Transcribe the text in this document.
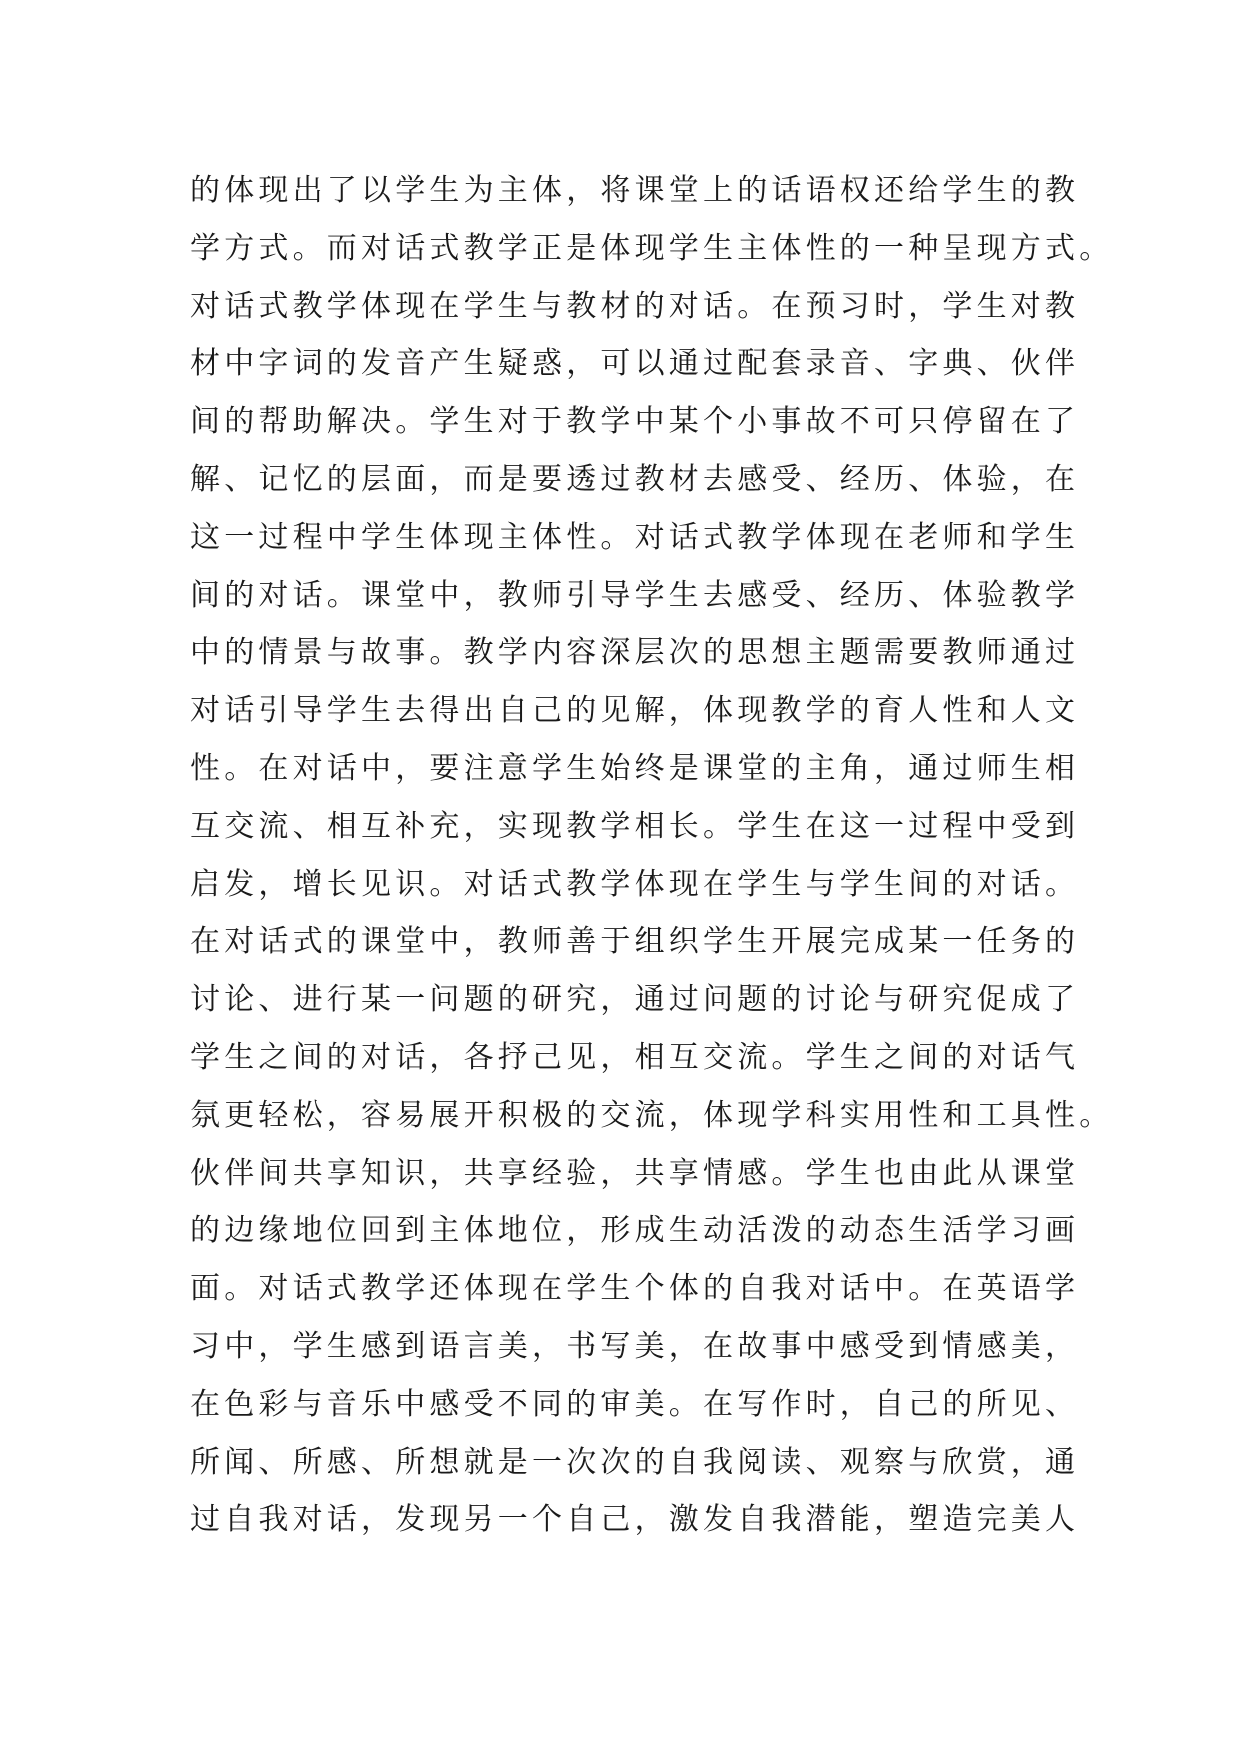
的体现出了以学生为主体，将课堂上的话语权还给学生的教
学方式。而对话式教学正是体现学生主体性的一种呈现方式。
对话式教学体现在学生与教材的对话。在预习时，学生对教
材中字词的发音产生疑惑，可以通过配套录音、字典、伙伴
间的帮助解决。学生对于教学中某个小事故不可只停留在了
解、记忆的层面，而是要透过教材去感受、经历、体验，在
这一过程中学生体现主体性。对话式教学体现在老师和学生
间的对话。课堂中，教师引导学生去感受、经历、体验教学
中的情景与故事。教学内容深层次的思想主题需要教师通过
对话引导学生去得出自己的见解，体现教学的育人性和人文
性。在对话中，要注意学生始终是课堂的主角，通过师生相
互交流、相互补充，实现教学相长。学生在这一过程中受到
启发，增长见识。对话式教学体现在学生与学生间的对话。
在对话式的课堂中，教师善于组织学生开展完成某一任务的
讨论、进行某一问题的研究，通过问题的讨论与研究促成了
学生之间的对话，各抒己见，相互交流。学生之间的对话气
氛更轻松，容易展开积极的交流，体现学科实用性和工具性。
伙伴间共享知识，共享经验，共享情感。学生也由此从课堂
的边缘地位回到主体地位，形成生动活泼的动态生活学习画
面。对话式教学还体现在学生个体的自我对话中。在英语学
习中，学生感到语言美，书写美，在故事中感受到情感美，
在色彩与音乐中感受不同的审美。在写作时，自己的所见、
所闻、所感、所想就是一次次的自我阅读、观察与欣赏，通
过自我对话，发现另一个自己，激发自我潜能，塑造完美人
